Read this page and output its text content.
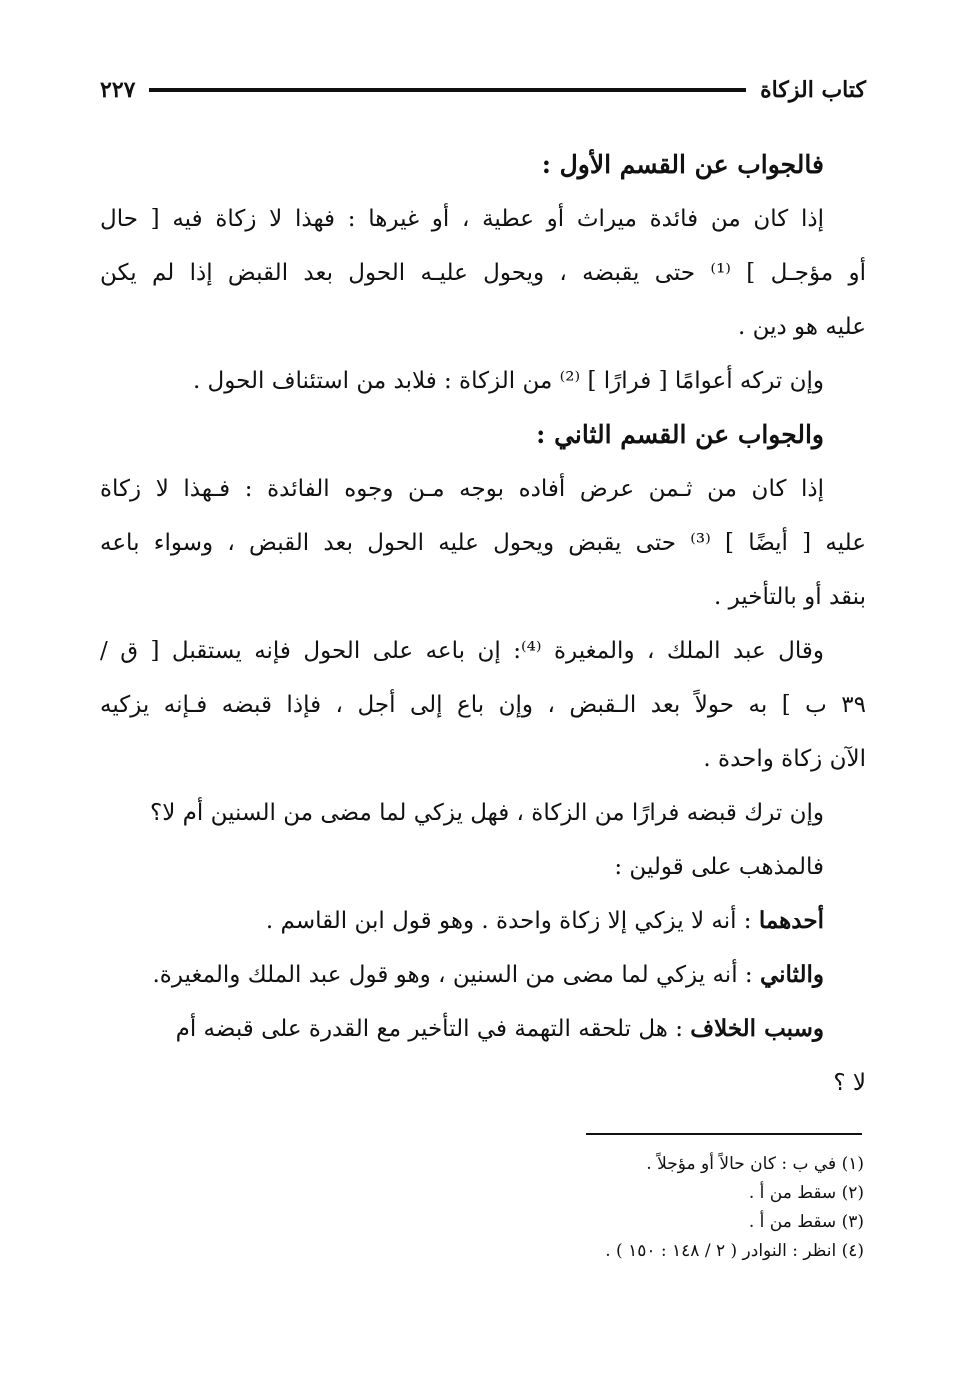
كتاب الزكاة
٢٢٧
فالجواب عن القسم الأول :
إذا كان من فائدة ميراث أو عطية ، أو غيرها : فهذا لا زكاة فيه [ حال
أو مؤجـل ] ⁽¹⁾ حتى يقبضه ، ويحول عليـه الحول بعد القبض إذا لم يكن
عليه هو دين .
وإن تركه أعوامًا [ فرارًا ] ⁽²⁾ من الزكاة : فلابد من استئناف الحول .
والجواب عن القسم الثاني :
إذا كان من ثـمن عرض أفاده بوجه مـن وجوه الفائدة : فـهذا لا زكاة
عليه [ أيضًا ] ⁽³⁾ حتى يقبض ويحول عليه الحول بعد القبض ، وسواء باعه
بنقد أو بالتأخير .
وقال عبد الملك ، والمغيرة ⁽⁴⁾: إن باعه على الحول فإنه يستقبل [ ق /
٣٩ ب ] به حولاً بعد الـقبض ، وإن باع إلى أجل ، فإذا قبضه فـإنه يزكيه
الآن زكاة واحدة .
وإن ترك قبضه فرارًا من الزكاة ، فهل يزكي لما مضى من السنين أم لا؟
فالمذهب على قولين :
أحدهما : أنه لا يزكي إلا زكاة واحدة . وهو قول ابن القاسم .
والثاني : أنه يزكي لما مضى من السنين ، وهو قول عبد الملك والمغيرة.
وسبب الخلاف : هل تلحقه التهمة في التأخير مع القدرة على قبضه أم
لا ؟
(١) في ب : كان حالاً أو مؤجلاً .
(٢) سقط من أ .
(٣) سقط من أ .
(٤) انظر : النوادر ( ٢ / ١٤٨ : ١٥٠ ) .
